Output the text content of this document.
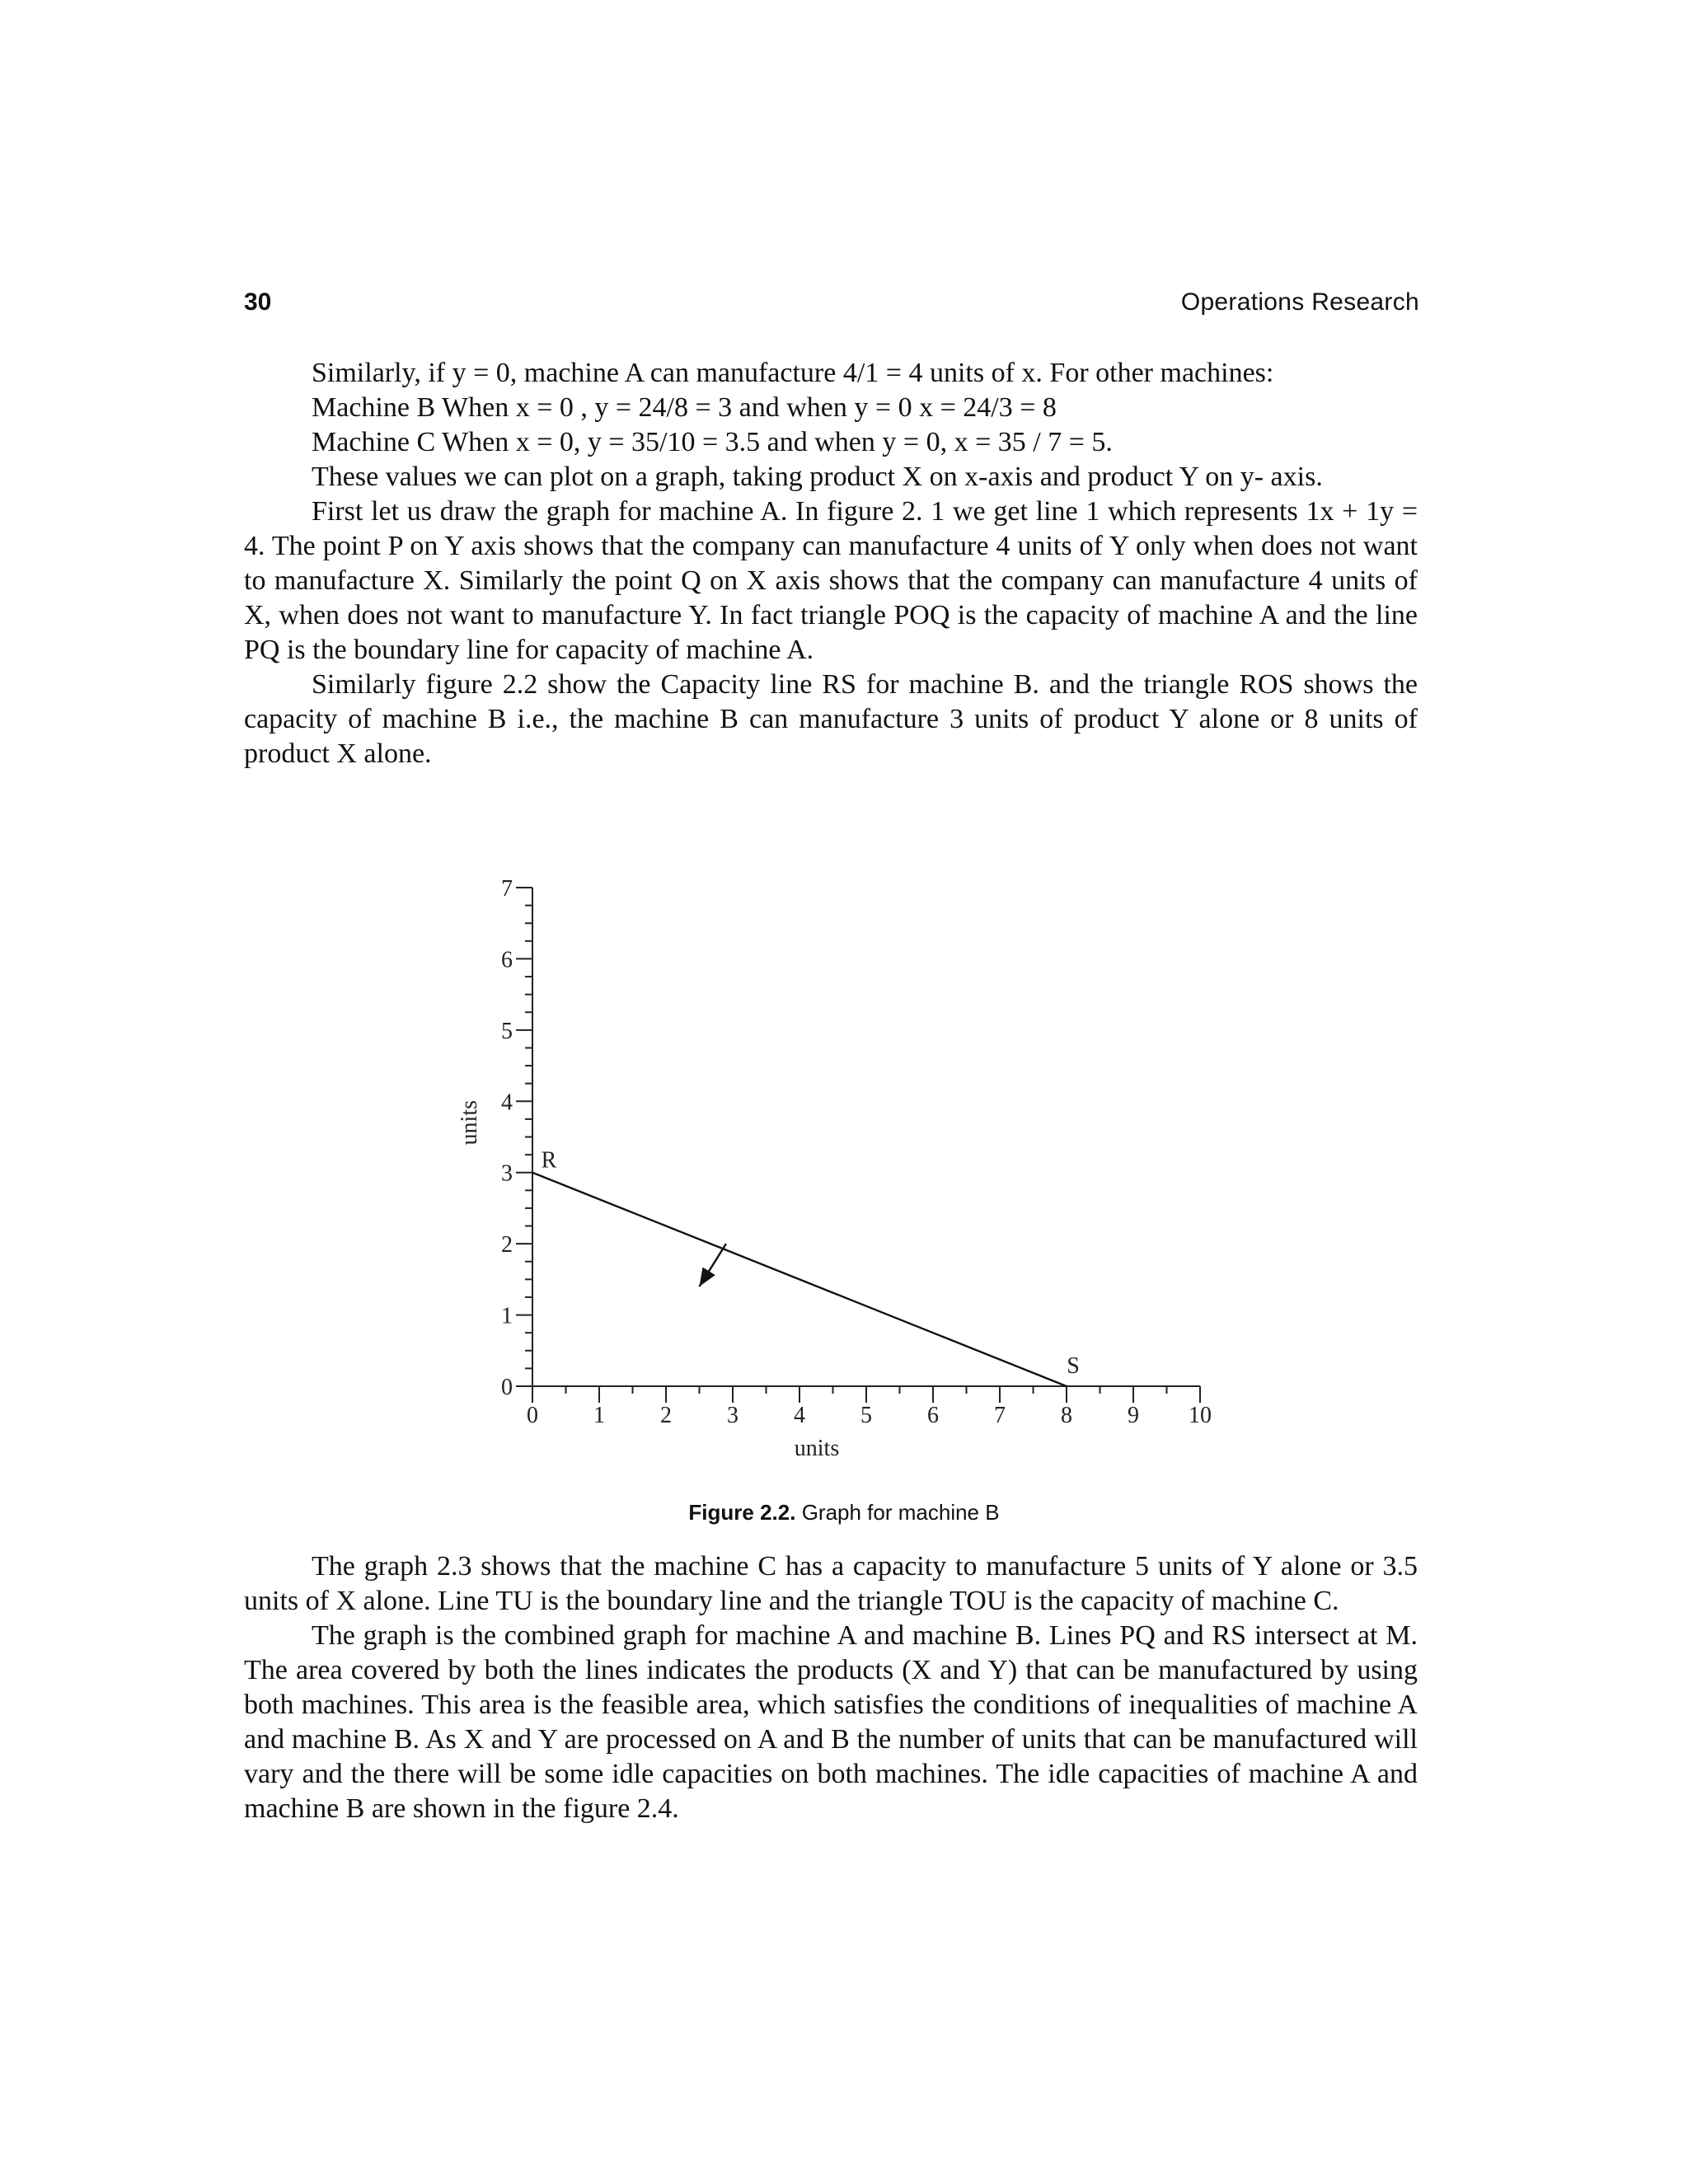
30	Operations Research

Similarly, if y = 0, machine A can manufacture 4/1 = 4 units of x. For other machines:

Machine B When x = 0 , y = 24/8 = 3 and when y = 0 x = 24/3 = 8

Machine C When x = 0, y = 35/10 = 3.5 and when y = 0, x = 35 / 7 = 5.

These values we can plot on a graph, taking product X on x-axis and product Y on y- axis.

First let us draw the graph for machine A. In figure 2. 1 we get line 1 which represents 1x + 1y = 4. The point P on Y axis shows that the company can manufacture 4 units of Y only when does not want to manufacture X. Similarly the point Q on X axis shows that the company can manufacture 4 units of X, when does not want to manufacture Y. In fact triangle POQ is the capacity of machine A and the line PQ is the boundary line for capacity of machine A.

Similarly figure 2.2 show the Capacity line RS for machine B. and the triangle ROS shows the capacity of machine B i.e., the machine B can manufacture 3 units of product Y alone or 8 units of product X alone.

0 1 2 3 4 5 6 7 8 9 10
0
1
2
3
4
5
6
7
units
units
R
S
Figure 2.2. Graph for machine B

The graph 2.3 shows that the machine C has a capacity to manufacture 5 units of Y alone or 3.5 units of X alone. Line TU is the boundary line and the triangle TOU is the capacity of machine C.

The graph is the combined graph for machine A and machine B. Lines PQ and RS intersect at M. The area covered by both the lines indicates the products (X and Y) that can be manufactured by using both machines. This area is the feasible area, which satisfies the conditions of inequalities of machine A and machine B. As X and Y are processed on A and B the number of units that can be manufactured will vary and the there will be some idle capacities on both machines. The idle capacities of machine A and machine B are shown in the figure 2.4.
